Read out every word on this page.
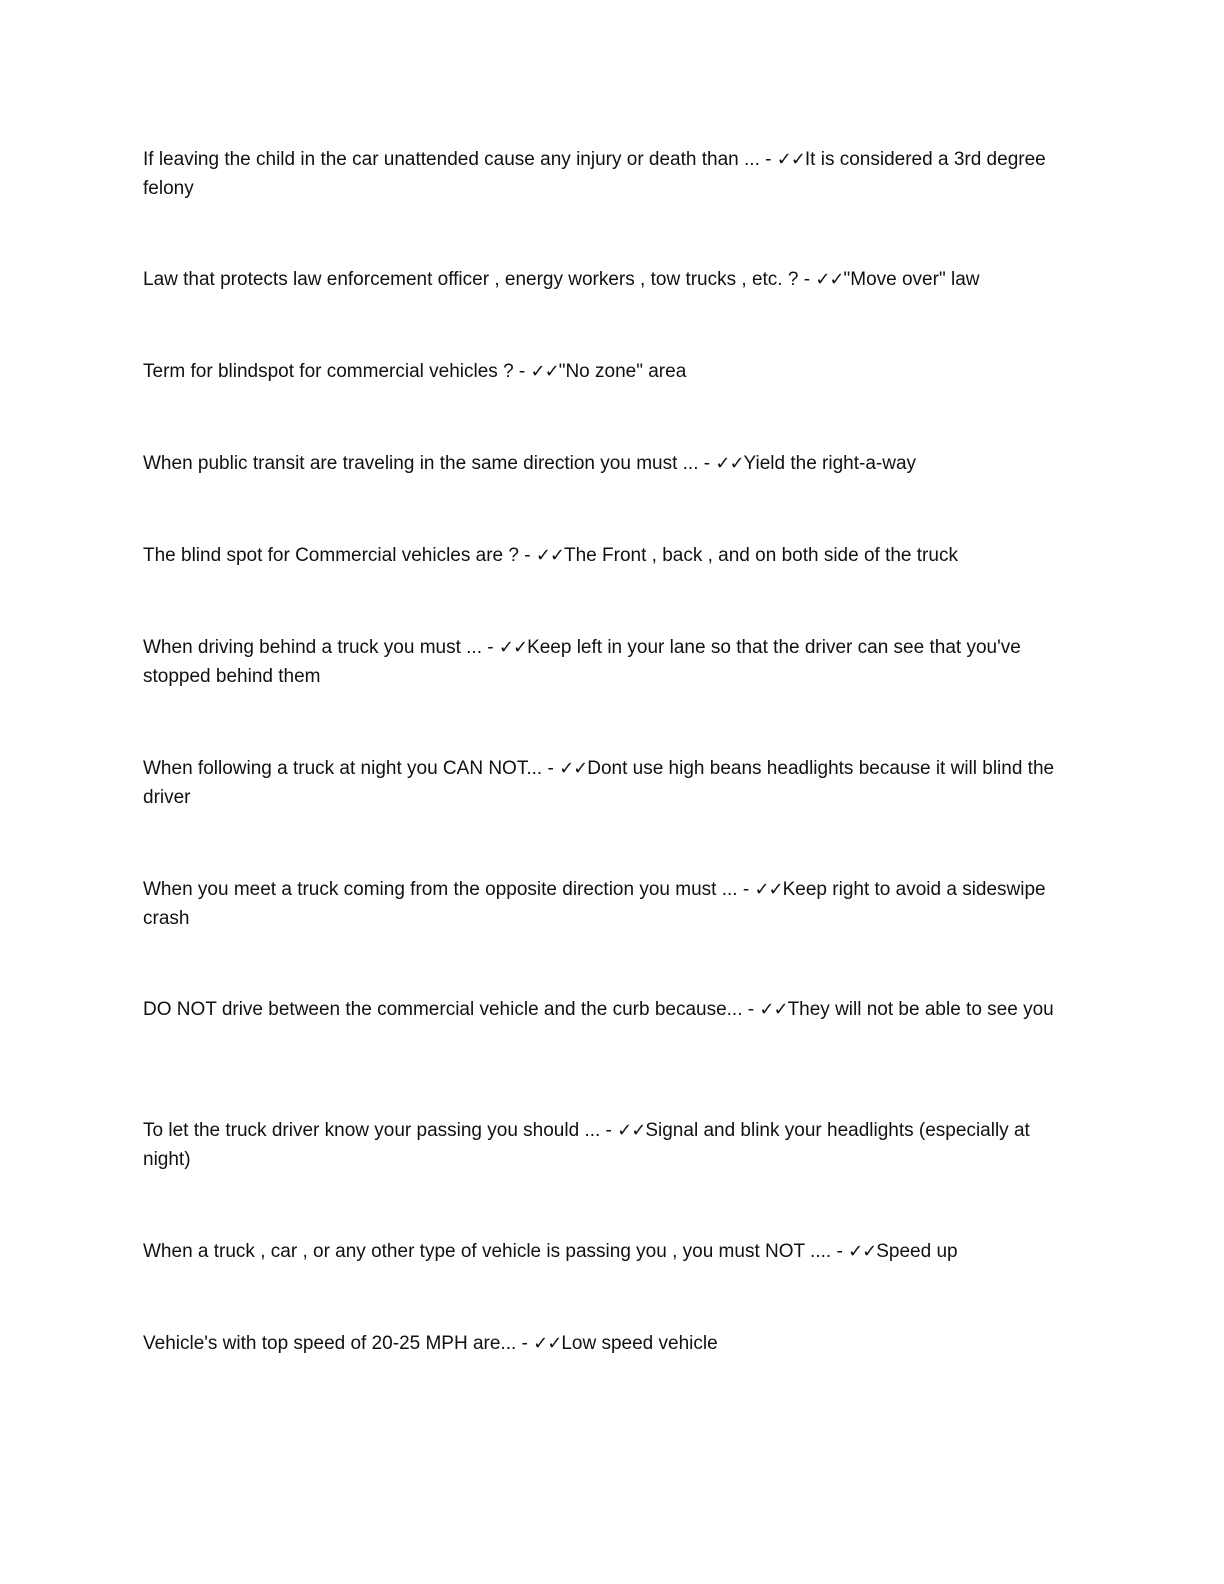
If leaving the child in the car unattended cause any injury or death than ... - ✓✓It is considered a 3rd degree felony
Law that protects law enforcement officer , energy workers , tow trucks , etc. ? - ✓✓"Move over" law
Term for blindspot for commercial vehicles ? - ✓✓"No zone" area
When public transit are traveling in the same direction you must ... - ✓✓Yield the right-a-way
The blind spot for Commercial vehicles are ? - ✓✓The Front , back , and on both side of the truck
When driving behind a truck you must ... - ✓✓Keep left in your lane so that the driver can see that you've stopped behind them
When following a truck at night you CAN NOT... - ✓✓Dont use high beans headlights because it will blind the driver
When you meet a truck coming from the opposite direction you must ... - ✓✓Keep right to avoid a sideswipe crash
DO NOT drive between the commercial vehicle and the curb because... - ✓✓They will not be able to see you
To let the truck driver know your passing you should ... - ✓✓Signal and blink your headlights (especially at night)
When a truck , car , or any other type of vehicle is passing you , you must NOT .... - ✓✓Speed up
Vehicle's with top speed of 20-25 MPH are... - ✓✓Low speed vehicle
